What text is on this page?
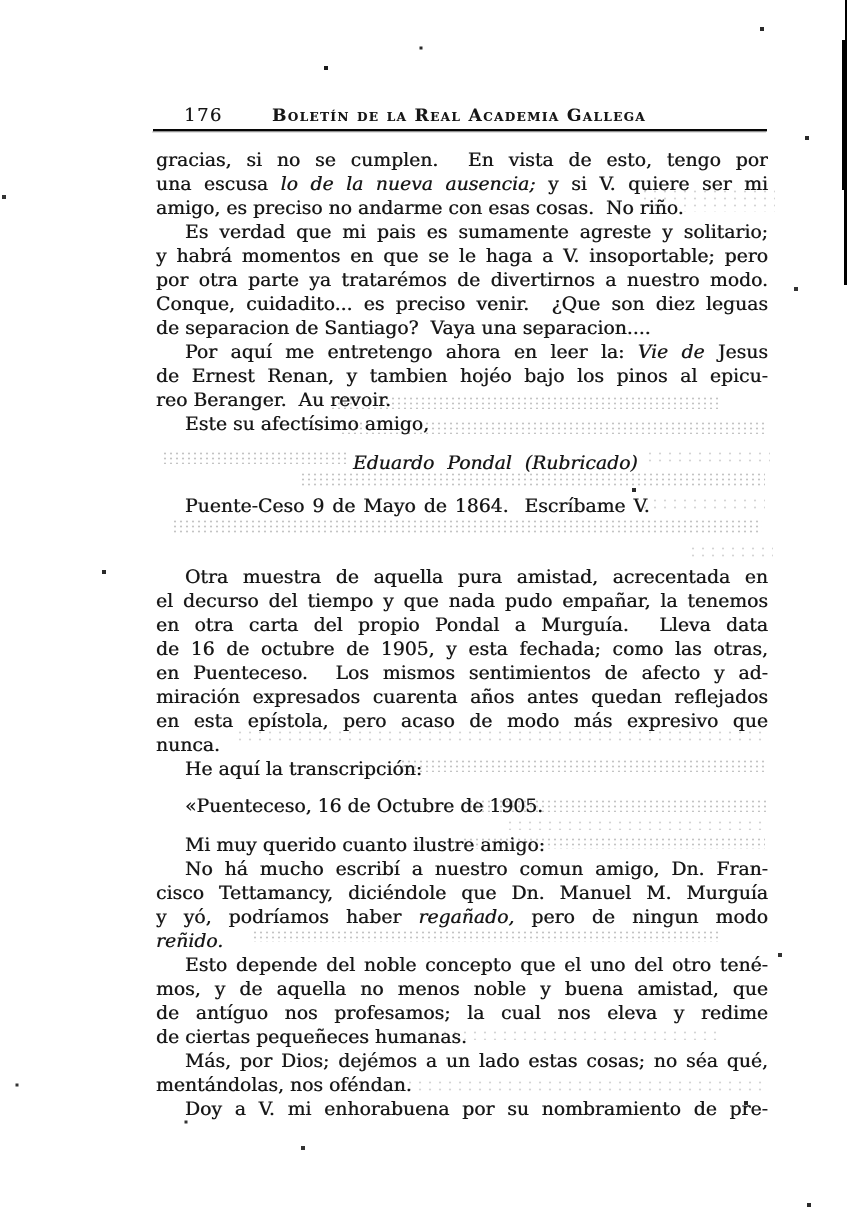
176	Boletín de la Real Academia Gallega
gracias, si no se cumplen.  En vista de esto, tengo por
una escusa lo de la nueva ausencia; y si V. quiere ser mi
amigo, es preciso no andarme con esas cosas.  No riño.
Es verdad que mi pais es sumamente agreste y solitario;
y habrá momentos en que se le haga a V. insoportable; pero
por otra parte ya tratarémos de divertirnos a nuestro modo.
Conque, cuidadito... es preciso venir.  ¿Que son diez leguas
de separacion de Santiago?  Vaya una separacion....
Por aquí me entretengo ahora en leer la: Vie de Jesus
de Ernest Renan, y tambien hojéo bajo los pinos al epicu-
reo Beranger.  Au revoir.
Este su afectísimo amigo,
Eduardo Pondal (Rubricado)
Puente-Ceso 9 de Mayo de 1864.  Escríbame V.
Otra muestra de aquella pura amistad, acrecentada en
el decurso del tiempo y que nada pudo empañar, la tenemos
en otra carta del propio Pondal a Murguía.  Lleva data
de 16 de octubre de 1905, y esta fechada; como las otras,
en Puenteceso.  Los mismos sentimientos de afecto y ad-
miración expresados cuarenta años antes quedan reflejados
en esta epístola, pero acaso de modo más expresivo que
nunca.
He aquí la transcripción:
«Puenteceso, 16 de Octubre de 1905.
Mi muy querido cuanto ilustre amigo:
No há mucho escribí a nuestro comun amigo, Dn. Fran-
cisco Tettamancy, diciéndole que Dn. Manuel M. Murguía
y yó, podríamos haber regañado, pero de ningun modo
reñido.
Esto depende del noble concepto que el uno del otro tené-
mos, y de aquella no menos noble y buena amistad, que
de antíguo nos profesamos; la cual nos eleva y redime
de ciertas pequeñeces humanas.
Más, por Dios; dejémos a un lado estas cosas; no séa qué,
mentándolas, nos oféndan.
Doy a V. mi enhorabuena por su nombramiento de pre-
